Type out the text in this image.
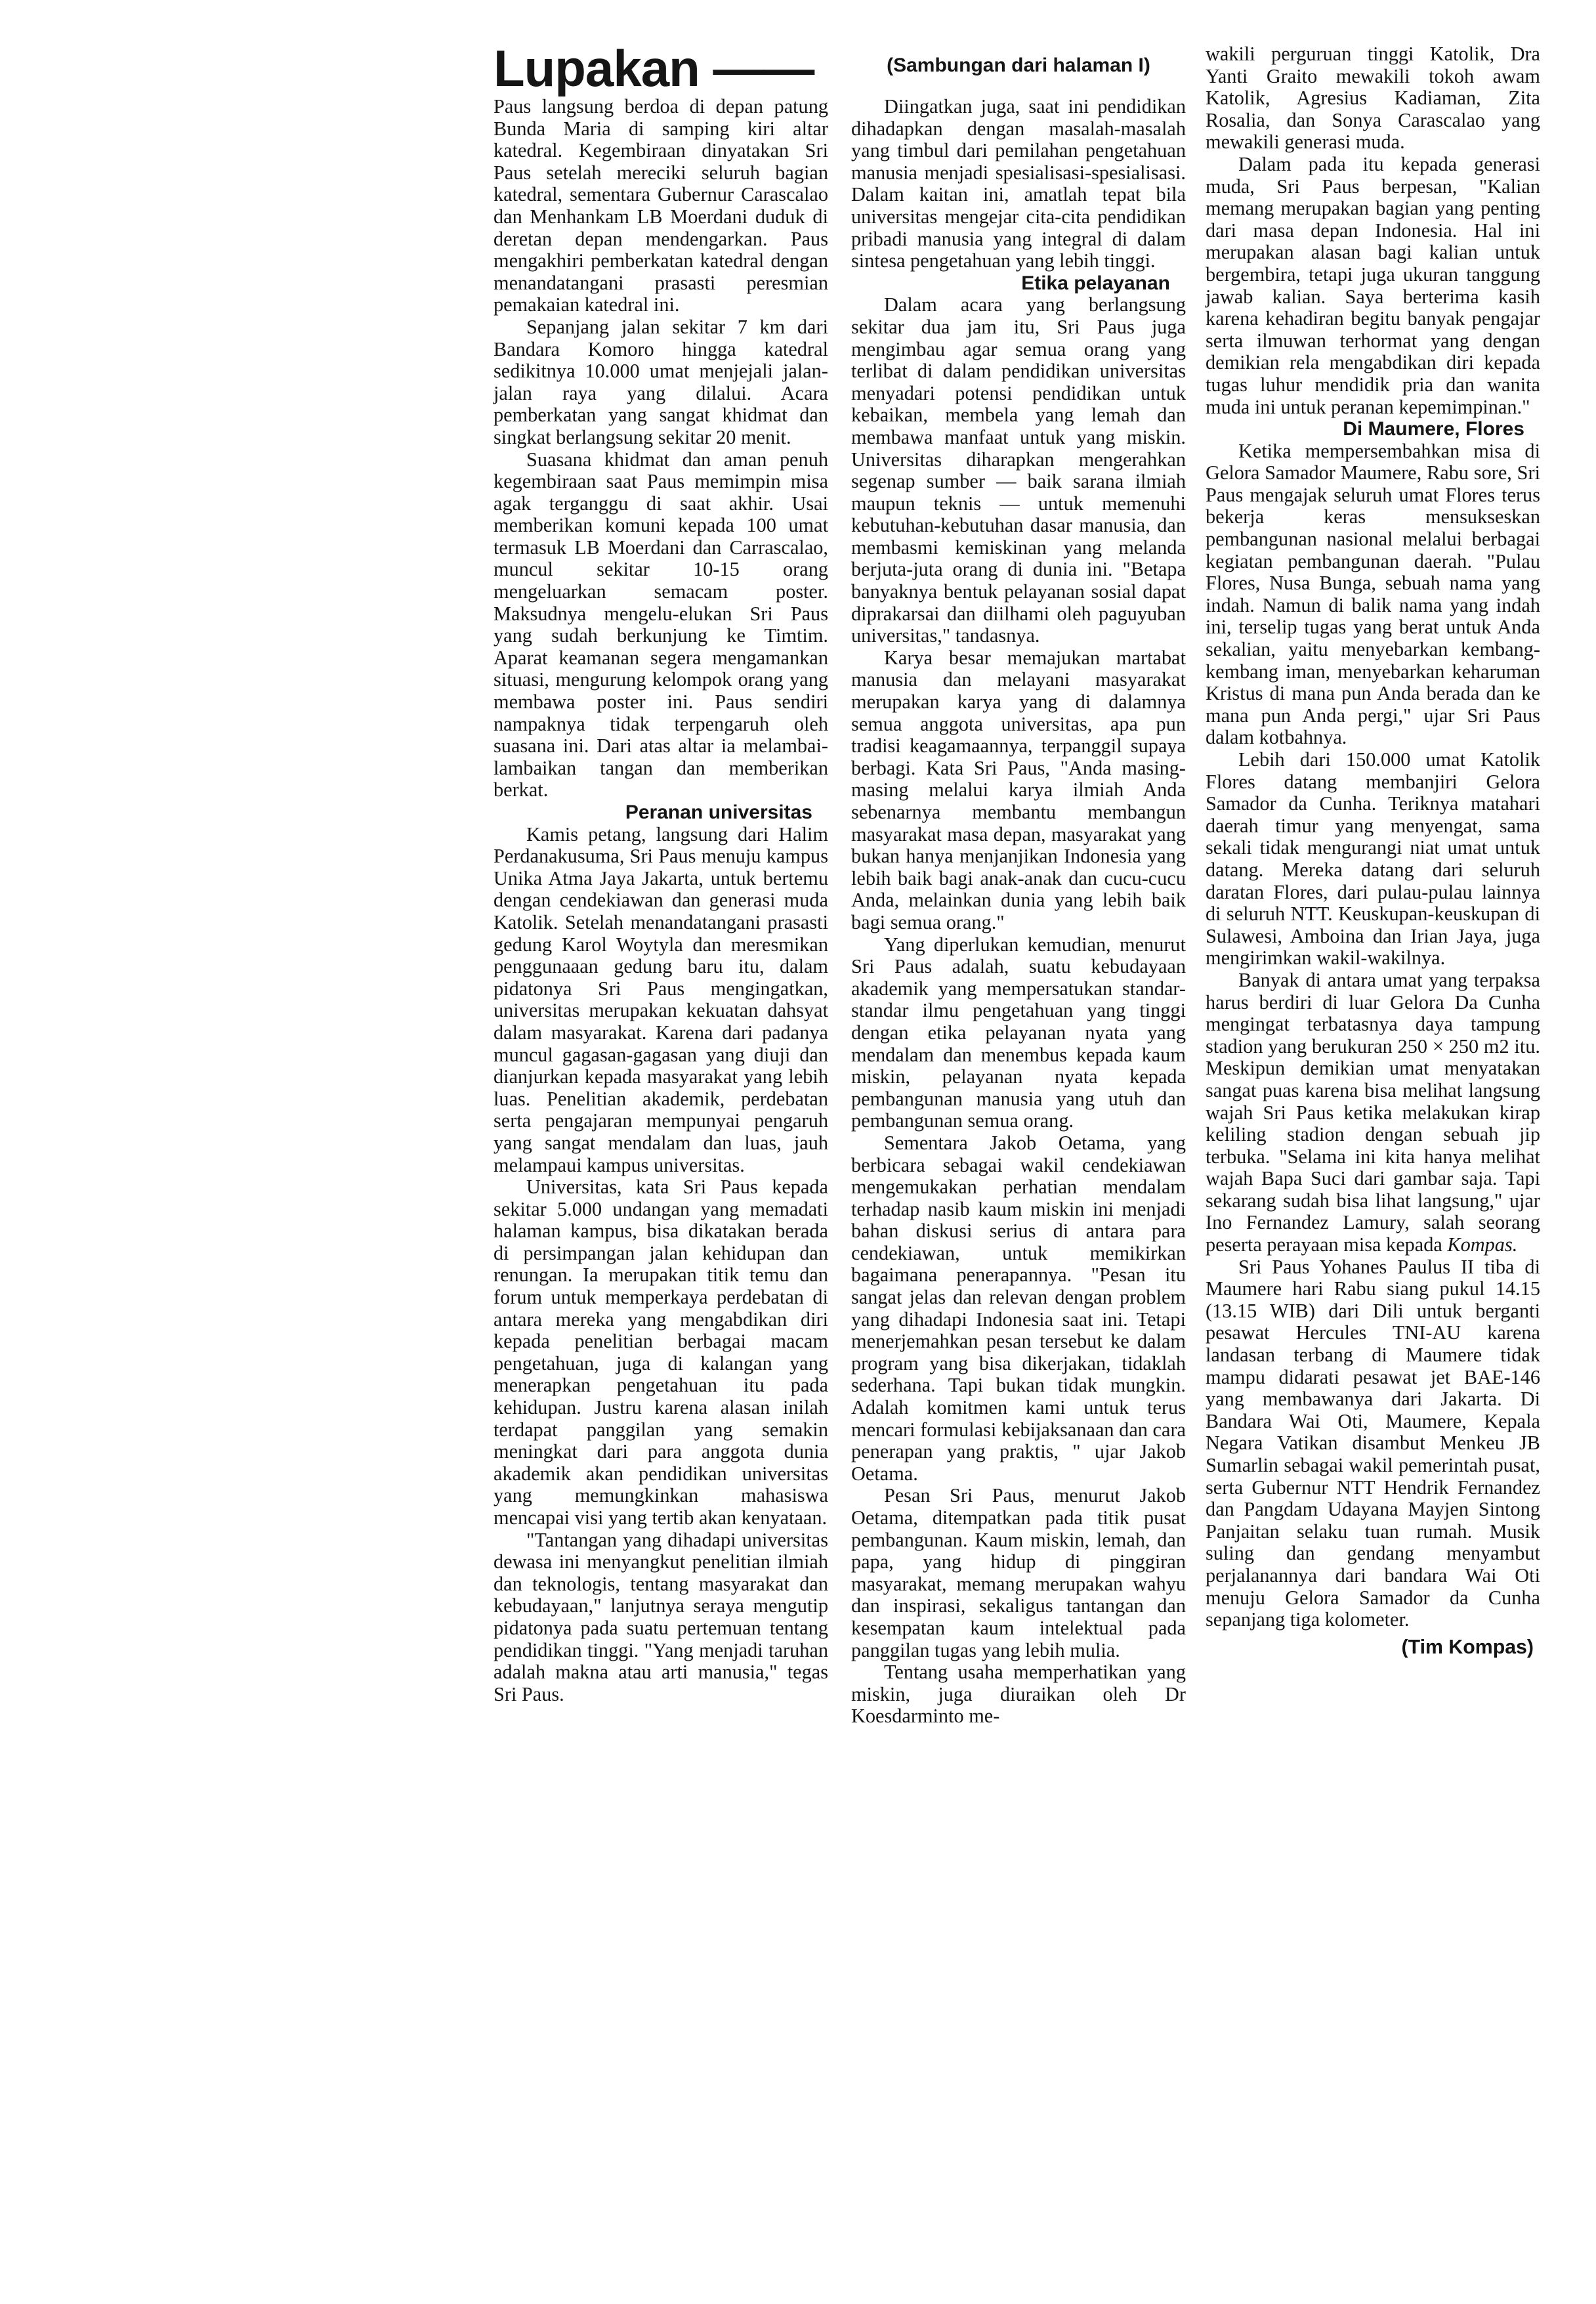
Lupakan ——	(Sambungan dari halaman I)

Paus langsung berdoa di depan patung Bunda Maria di samping kiri altar katedral. Kegembiraan dinyatakan Sri Paus setelah mereciki seluruh bagian katedral, sementara Gubernur Carascalao dan Menhankam LB Moerdani duduk di deretan depan mendengarkan. Paus mengakhiri pemberkatan katedral dengan menandatangani prasasti peresmian pemakaian katedral ini.

Sepanjang jalan sekitar 7 km dari Bandara Komoro hingga katedral sedikitnya 10.000 umat menjejali jalan-jalan raya yang dilalui. Acara pemberkatan yang sangat khidmat dan singkat berlangsung sekitar 20 menit.

Suasana khidmat dan aman penuh kegembiraan saat Paus memimpin misa agak terganggu di saat akhir. Usai memberikan komuni kepada 100 umat termasuk LB Moerdani dan Carrascalao, muncul sekitar 10-15 orang mengeluarkan semacam poster. Maksudnya mengelu-elukan Sri Paus yang sudah berkunjung ke Timtim. Aparat keamanan segera mengamankan situasi, mengurung kelompok orang yang membawa poster ini. Paus sendiri nampaknya tidak terpengaruh oleh suasana ini. Dari atas altar ia melambai-lambaikan tangan dan memberikan berkat.

Peranan universitas

Kamis petang, langsung dari Halim Perdanakusuma, Sri Paus menuju kampus Unika Atma Jaya Jakarta, untuk bertemu dengan cendekiawan dan generasi muda Katolik. Setelah menandatangani prasasti gedung Karol Woytyla dan meresmikan penggunaaan gedung baru itu, dalam pidatonya Sri Paus mengingatkan, universitas merupakan kekuatan dahsyat dalam masyarakat. Karena dari padanya muncul gagasan-gagasan yang diuji dan dianjurkan kepada masyarakat yang lebih luas. Penelitian akademik, perdebatan serta pengajaran mempunyai pengaruh yang sangat mendalam dan luas, jauh melampaui kampus universitas.

Universitas, kata Sri Paus kepada sekitar 5.000 undangan yang memadati halaman kampus, bisa dikatakan berada di persimpangan jalan kehidupan dan renungan. Ia merupakan titik temu dan forum untuk memperkaya perdebatan di antara mereka yang mengabdikan diri kepada penelitian berbagai macam pengetahuan, juga di kalangan yang menerapkan pengetahuan itu pada kehidupan. Justru karena alasan inilah terdapat panggilan yang semakin meningkat dari para anggota dunia akademik akan pendidikan universitas yang memungkinkan mahasiswa mencapai visi yang tertib akan kenyataan.

"Tantangan yang dihadapi universitas dewasa ini menyangkut penelitian ilmiah dan teknologis, tentang masyarakat dan kebudayaan," lanjutnya seraya mengutip pidatonya pada suatu pertemuan tentang pendidikan tinggi. "Yang menjadi taruhan adalah makna atau arti manusia," tegas Sri Paus.

Diingatkan juga, saat ini pendidikan dihadapkan dengan masalah-masalah yang timbul dari pemilahan pengetahuan manusia menjadi spesialisasi-spesialisasi. Dalam kaitan ini, amatlah tepat bila universitas mengejar cita-cita pendidikan pribadi manusia yang integral di dalam sintesa pengetahuan yang lebih tinggi.

Etika pelayanan

Dalam acara yang berlangsung sekitar dua jam itu, Sri Paus juga mengimbau agar semua orang yang terlibat di dalam pendidikan universitas menyadari potensi pendidikan untuk kebaikan, membela yang lemah dan membawa manfaat untuk yang miskin. Universitas diharapkan mengerahkan segenap sumber — baik sarana ilmiah maupun teknis — untuk memenuhi kebutuhan-kebutuhan dasar manusia, dan membasmi kemiskinan yang melanda berjuta-juta orang di dunia ini. "Betapa banyaknya bentuk pelayanan sosial dapat diprakarsai dan diilhami oleh paguyuban universitas," tandasnya.

Karya besar memajukan martabat manusia dan melayani masyarakat merupakan karya yang di dalamnya semua anggota universitas, apa pun tradisi keagamaannya, terpanggil supaya berbagi. Kata Sri Paus, "Anda masing-masing melalui karya ilmiah Anda sebenarnya membantu membangun masyarakat masa depan, masyarakat yang bukan hanya menjanjikan Indonesia yang lebih baik bagi anak-anak dan cucu-cucu Anda, melainkan dunia yang lebih baik bagi semua orang."

Yang diperlukan kemudian, menurut Sri Paus adalah, suatu kebudayaan akademik yang mempersatukan standar-standar ilmu pengetahuan yang tinggi dengan etika pelayanan nyata yang mendalam dan menembus kepada kaum miskin, pelayanan nyata kepada pembangunan manusia yang utuh dan pembangunan semua orang.

Sementara Jakob Oetama, yang berbicara sebagai wakil cendekiawan mengemukakan perhatian mendalam terhadap nasib kaum miskin ini menjadi bahan diskusi serius di antara para cendekiawan, untuk memikirkan bagaimana penerapannya. "Pesan itu sangat jelas dan relevan dengan problem yang dihadapi Indonesia saat ini. Tetapi menerjemahkan pesan tersebut ke dalam program yang bisa dikerjakan, tidaklah sederhana. Tapi bukan tidak mungkin. Adalah komitmen kami untuk terus mencari formulasi kebijaksanaan dan cara penerapan yang praktis, " ujar Jakob Oetama.

Pesan Sri Paus, menurut Jakob Oetama, ditempatkan pada titik pusat pembangunan. Kaum miskin, lemah, dan papa, yang hidup di pinggiran masyarakat, memang merupakan wahyu dan inspirasi, sekaligus tantangan dan kesempatan kaum intelektual pada panggilan tugas yang lebih mulia.

Tentang usaha memperhatikan yang miskin, juga diuraikan oleh Dr Koesdarminto me-

wakili perguruan tinggi Katolik, Dra Yanti Graito mewakili tokoh awam Katolik, Agresius Kadiaman, Zita Rosalia, dan Sonya Carascalao yang mewakili generasi muda.

Dalam pada itu kepada generasi muda, Sri Paus berpesan, "Kalian memang merupakan bagian yang penting dari masa depan Indonesia. Hal ini merupakan alasan bagi kalian untuk bergembira, tetapi juga ukuran tanggung jawab kalian. Saya berterima kasih karena kehadiran begitu banyak pengajar serta ilmuwan terhormat yang dengan demikian rela mengabdikan diri kepada tugas luhur mendidik pria dan wanita muda ini untuk peranan kepemimpinan."

Di Maumere, Flores

Ketika mempersembahkan misa di Gelora Samador Maumere, Rabu sore, Sri Paus mengajak seluruh umat Flores terus bekerja keras mensukseskan pembangunan nasional melalui berbagai kegiatan pembangunan daerah. "Pulau Flores, Nusa Bunga, sebuah nama yang indah. Namun di balik nama yang indah ini, terselip tugas yang berat untuk Anda sekalian, yaitu menyebarkan kembang-kembang iman, menyebarkan keharuman Kristus di mana pun Anda berada dan ke mana pun Anda pergi," ujar Sri Paus dalam kotbahnya.

Lebih dari 150.000 umat Katolik Flores datang membanjiri Gelora Samador da Cunha. Teriknya matahari daerah timur yang menyengat, sama sekali tidak mengurangi niat umat untuk datang. Mereka datang dari seluruh daratan Flores, dari pulau-pulau lainnya di seluruh NTT. Keuskupan-keuskupan di Sulawesi, Amboina dan Irian Jaya, juga mengirimkan wakil-wakilnya.

Banyak di antara umat yang terpaksa harus berdiri di luar Gelora Da Cunha mengingat terbatasnya daya tampung stadion yang berukuran 250 × 250 m2 itu. Meskipun demikian umat menyatakan sangat puas karena bisa melihat langsung wajah Sri Paus ketika melakukan kirap keliling stadion dengan sebuah jip terbuka. "Selama ini kita hanya melihat wajah Bapa Suci dari gambar saja. Tapi sekarang sudah bisa lihat langsung," ujar Ino Fernandez Lamury, salah seorang peserta perayaan misa kepada Kompas.

Sri Paus Yohanes Paulus II tiba di Maumere hari Rabu siang pukul 14.15 (13.15 WIB) dari Dili untuk berganti pesawat Hercules TNI-AU karena landasan terbang di Maumere tidak mampu didarati pesawat jet BAE-146 yang membawanya dari Jakarta. Di Bandara Wai Oti, Maumere, Kepala Negara Vatikan disambut Menkeu JB Sumarlin sebagai wakil pemerintah pusat, serta Gubernur NTT Hendrik Fernandez dan Pangdam Udayana Mayjen Sintong Panjaitan selaku tuan rumah. Musik suling dan gendang menyambut perjalanannya dari bandara Wai Oti menuju Gelora Samador da Cunha sepanjang tiga kolometer.

(Tim Kompas)
